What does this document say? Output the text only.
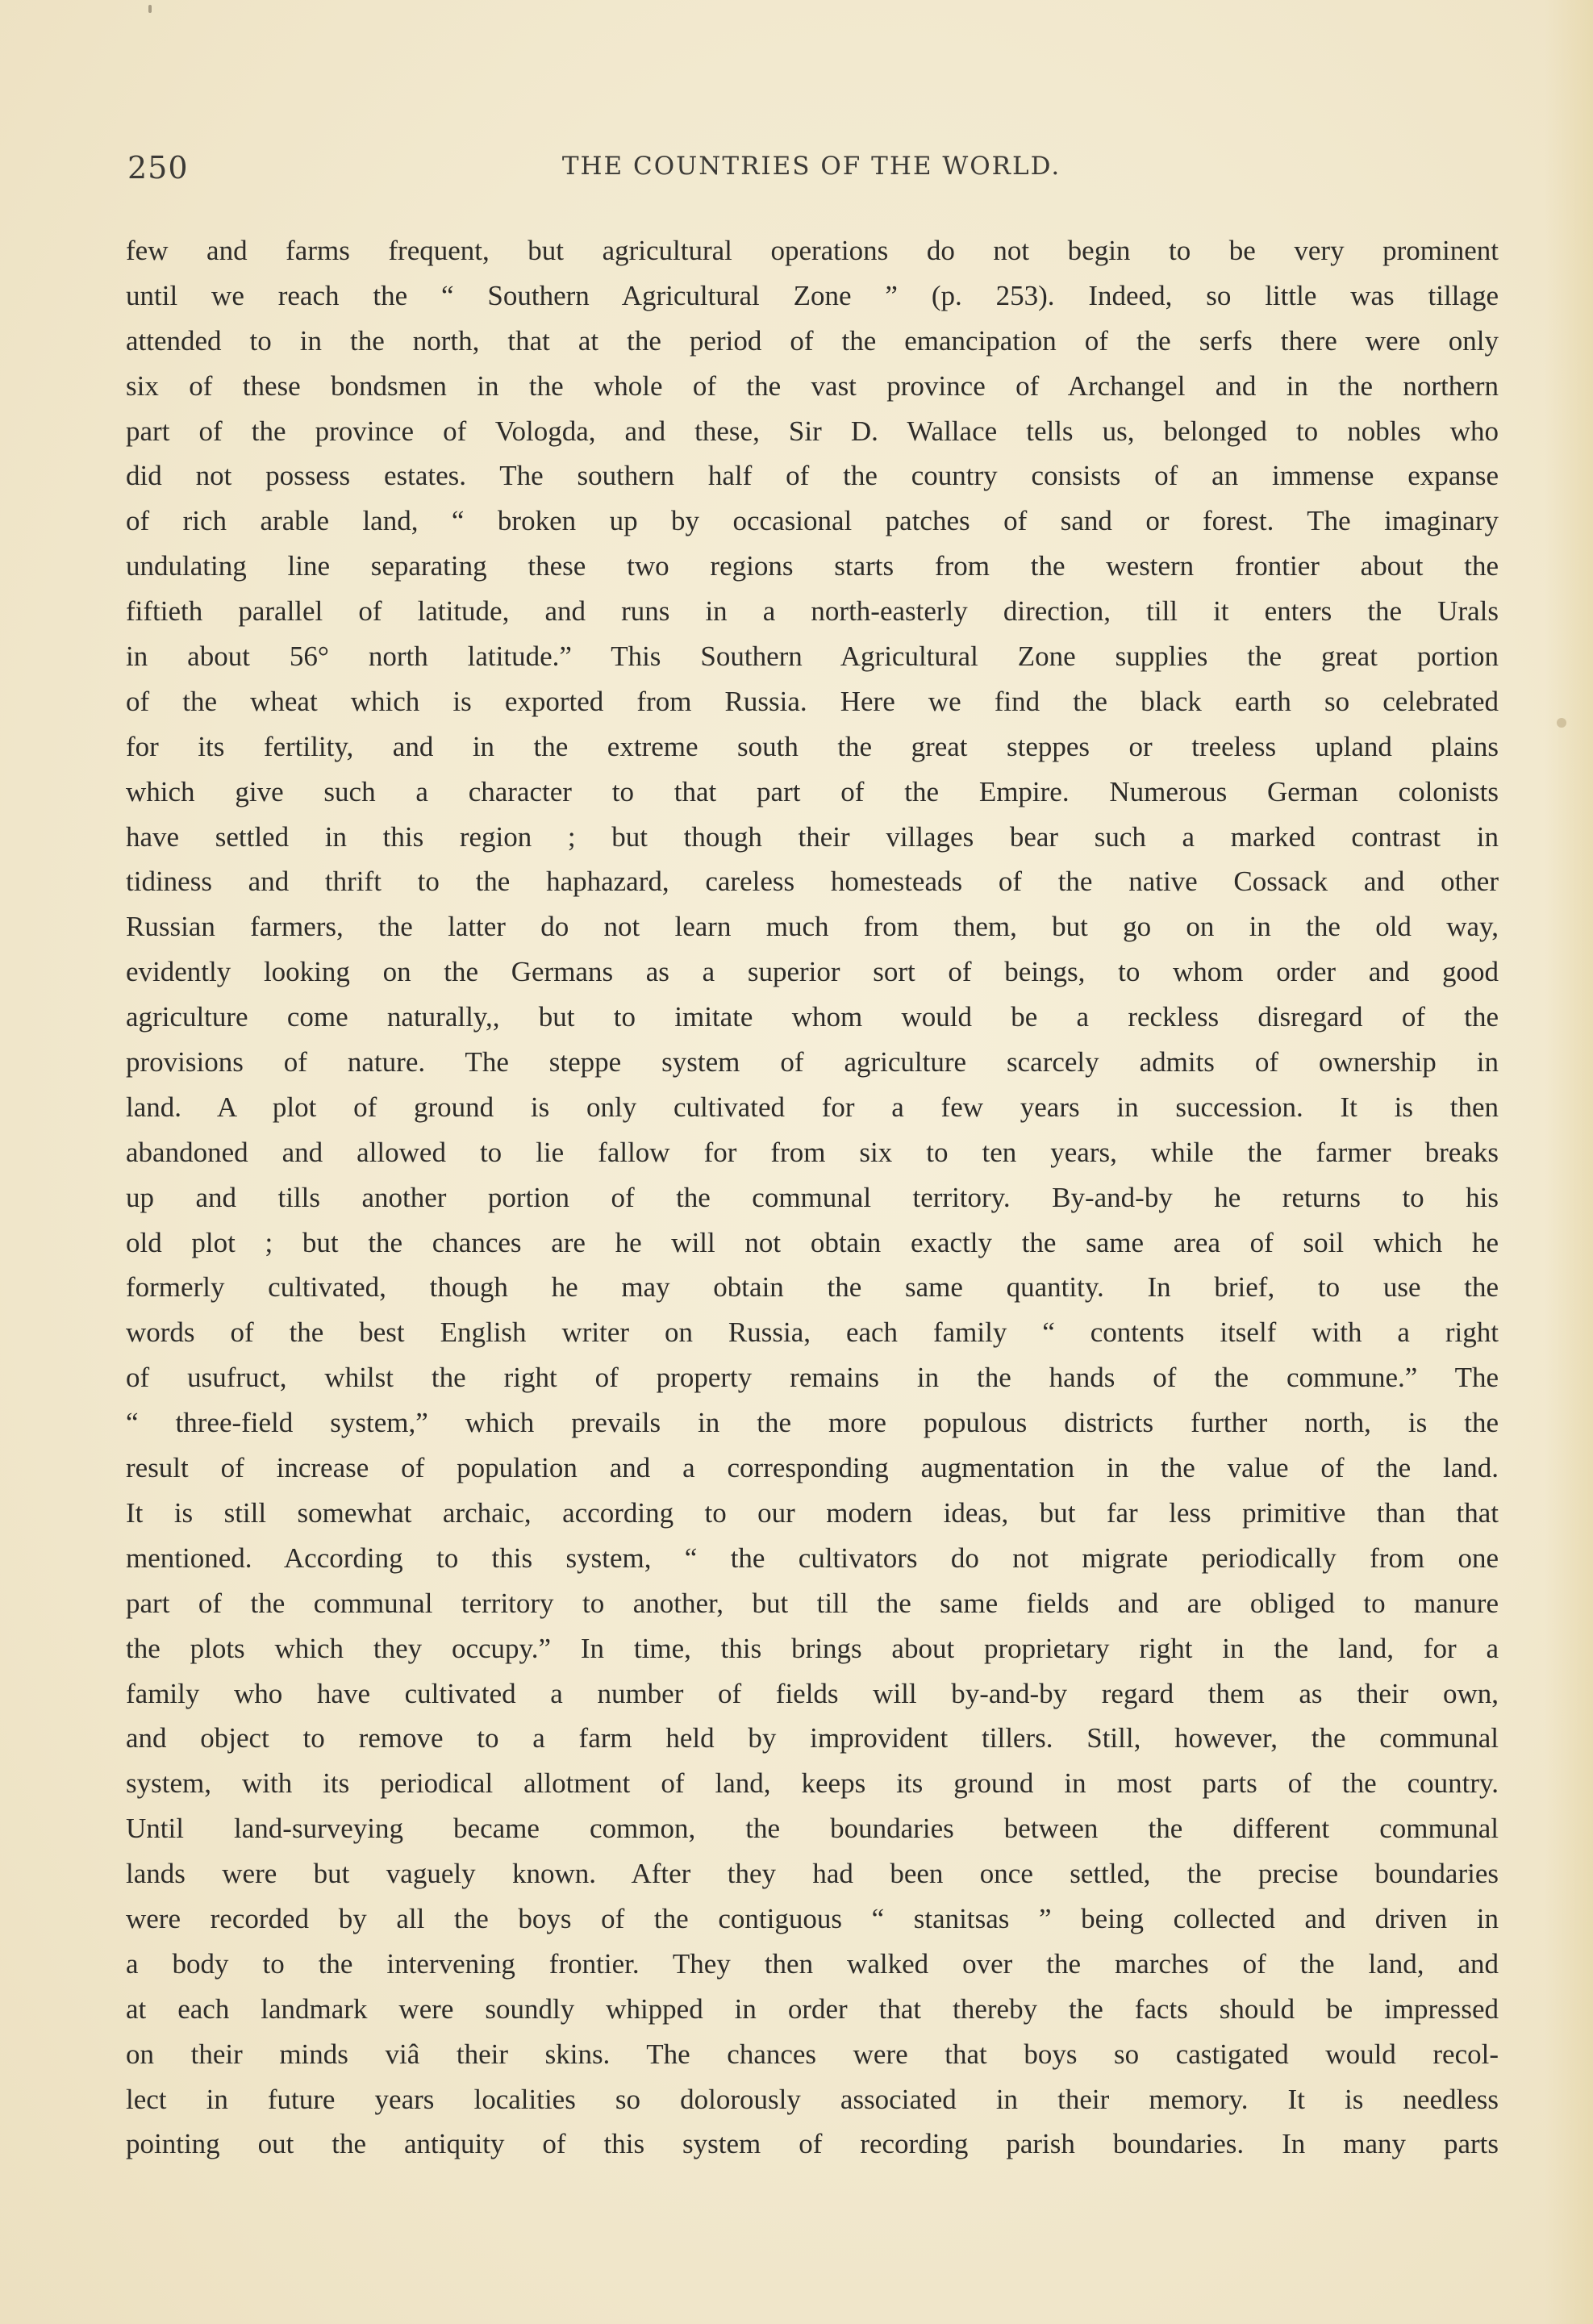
250	THE COUNTRIES OF THE WORLD.
few and farms frequent, but agricultural operations do not begin to be very prominent
until we reach the “ Southern Agricultural Zone ” (p. 253). Indeed, so little was tillage
attended to in the north, that at the period of the emancipation of the serfs there were only
six of these bondsmen in the whole of the vast province of Archangel and in the northern
part of the province of Vologda, and these, Sir D. Wallace tells us, belonged to nobles who
did not possess estates. The southern half of the country consists of an immense expanse
of rich arable land, “ broken up by occasional patches of sand or forest. The imaginary
undulating line separating these two regions starts from the western frontier about the
fiftieth parallel of latitude, and runs in a north-easterly direction, till it enters the Urals
in about 56° north latitude.” This Southern Agricultural Zone supplies the great portion
of the wheat which is exported from Russia. Here we find the black earth so celebrated
for its fertility, and in the extreme south the great steppes or treeless upland plains
which give such a character to that part of the Empire. Numerous German colonists
have settled in this region ; but though their villages bear such a marked contrast in
tidiness and thrift to the haphazard, careless homesteads of the native Cossack and other
Russian farmers, the latter do not learn much from them, but go on in the old way,
evidently looking on the Germans as a superior sort of beings, to whom order and good
agriculture come naturally,, but to imitate whom would be a reckless disregard of the
provisions of nature. The steppe system of agriculture scarcely admits of ownership in
land. A plot of ground is only cultivated for a few years in succession. It is then
abandoned and allowed to lie fallow for from six to ten years, while the farmer breaks
up and tills another portion of the communal territory. By-and-by he returns to his
old plot ; but the chances are he will not obtain exactly the same area of soil which he
formerly cultivated, though he may obtain the same quantity. In brief, to use the
words of the best English writer on Russia, each family “ contents itself with a right
of usufruct, whilst the right of property remains in the hands of the commune.” The
“ three-field system,” which prevails in the more populous districts further north, is the
result of increase of population and a corresponding augmentation in the value of the land.
It is still somewhat archaic, according to our modern ideas, but far less primitive than that
mentioned. According to this system, “ the cultivators do not migrate periodically from one
part of the communal territory to another, but till the same fields and are obliged to manure
the plots which they occupy.” In time, this brings about proprietary right in the land, for a
family who have cultivated a number of fields will by-and-by regard them as their own,
and object to remove to a farm held by improvident tillers. Still, however, the communal
system, with its periodical allotment of land, keeps its ground in most parts of the country.
Until land-surveying became common, the boundaries between the different communal
lands were but vaguely known. After they had been once settled, the precise boundaries
were recorded by all the boys of the contiguous “ stanitsas ” being collected and driven in
a body to the intervening frontier. They then walked over the marches of the land, and
at each landmark were soundly whipped in order that thereby the facts should be impressed
on their minds viâ their skins. The chances were that boys so castigated would recol-
lect in future years localities so dolorously associated in their memory. It is needless
pointing out the antiquity of this system of recording parish boundaries. In many parts
